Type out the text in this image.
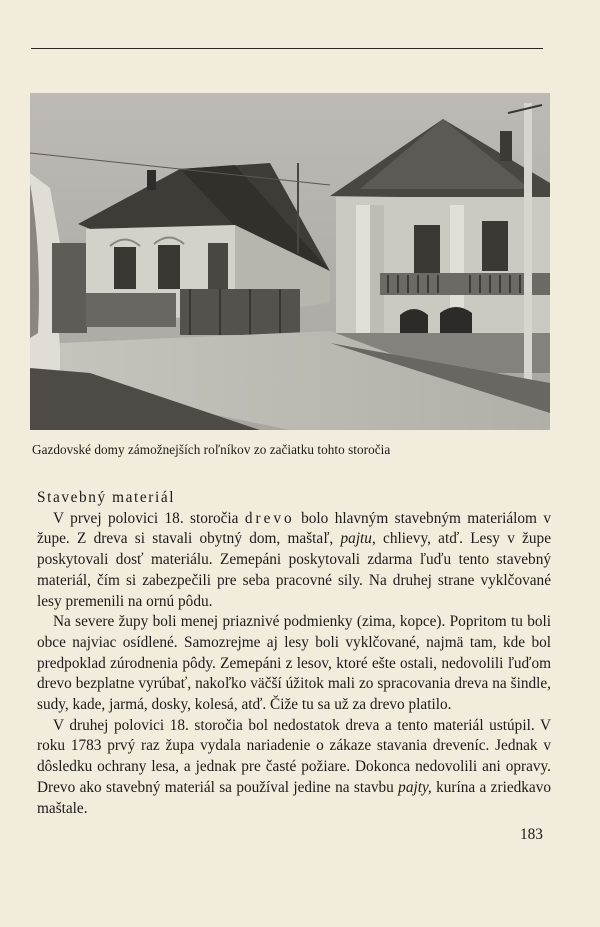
Gazdovské domy zámožnejších roľníkov zo začiatku tohto storočia

Stavebný materiál

V prvej polovici 18. storočia drevo bolo hlavným stavebným materiálom v župe. Z dreva si stavali obytný dom, maštaľ, pajtu, chlievy, atď. Lesy v župe poskytovali dosť materiálu. Zemepáni poskytovali zdarma ľuďu tento stavebný materiál, čím si zabezpečili pre seba pracovné sily. Na druhej strane vyklčované lesy premenili na ornú pôdu.

Na severe župy boli menej priaznivé podmienky (zima, kopce). Popritom tu boli obce najviac osídlené. Samozrejme aj lesy boli vyklčované, najmä tam, kde bol predpoklad zúrodnenia pôdy. Zemepáni z lesov, ktoré ešte ostali, nedovolili ľuďom drevo bezplatne vyrúbať, nakoľko väčší úžitok mali zo spracovania dreva na šindle, sudy, kade, jarmá, dosky, kolesá, atď. Čiže tu sa už za drevo platilo.

V druhej polovici 18. storočia bol nedostatok dreva a tento materiál ustúpil. V roku 1783 prvý raz župa vydala nariadenie o zákaze stavania dreveníc. Jednak v dôsledku ochrany lesa, a jednak pre časté požiare. Dokonca nedovolili ani opravy. Drevo ako stavebný materiál sa používal jedine na stavbu pajty, kurína a zriedkavo maštale.

183
